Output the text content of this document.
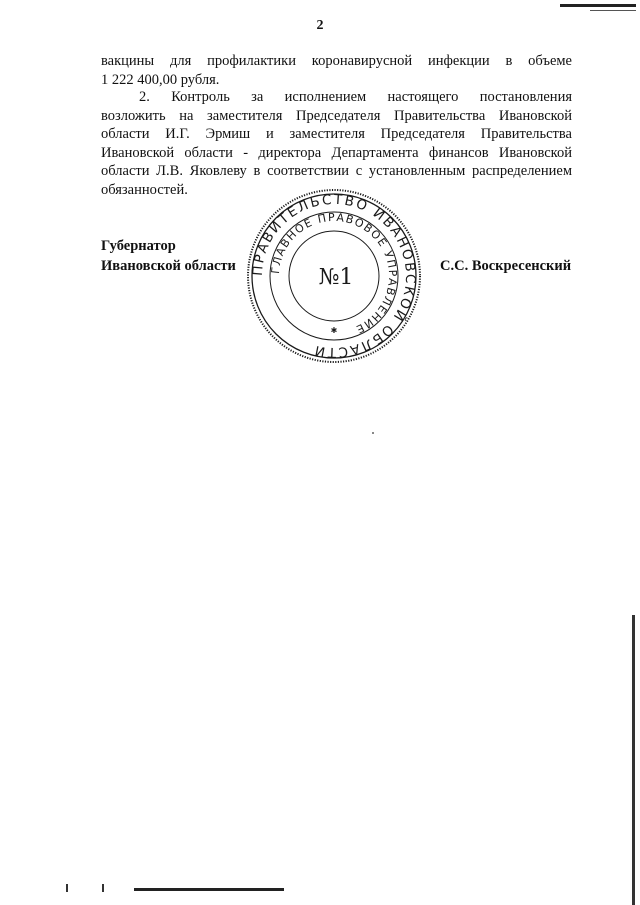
2
вакцины для профилактики коронавирусной инфекции в объеме
1 222 400,00 рубля.
2. Контроль за исполнением настоящего постановления
возложить на заместителя Председателя Правительства Ивановской
области И.Г. Эрмиш и заместителя Председателя Правительства
Ивановской области - директора Департамента финансов Ивановской
области Л.В. Яковлеву в соответствии с установленным распределением
обязанностей.
Губернатор
Ивановской области	С.С. Воскресенский
ПРАВИТЕЛЬСТВО ИВАНОВСКОЙ ОБЛАСТИ
ГЛАВНОЕ ПРАВОВОЕ УПРАВЛЕНИЕ
№1
✱
